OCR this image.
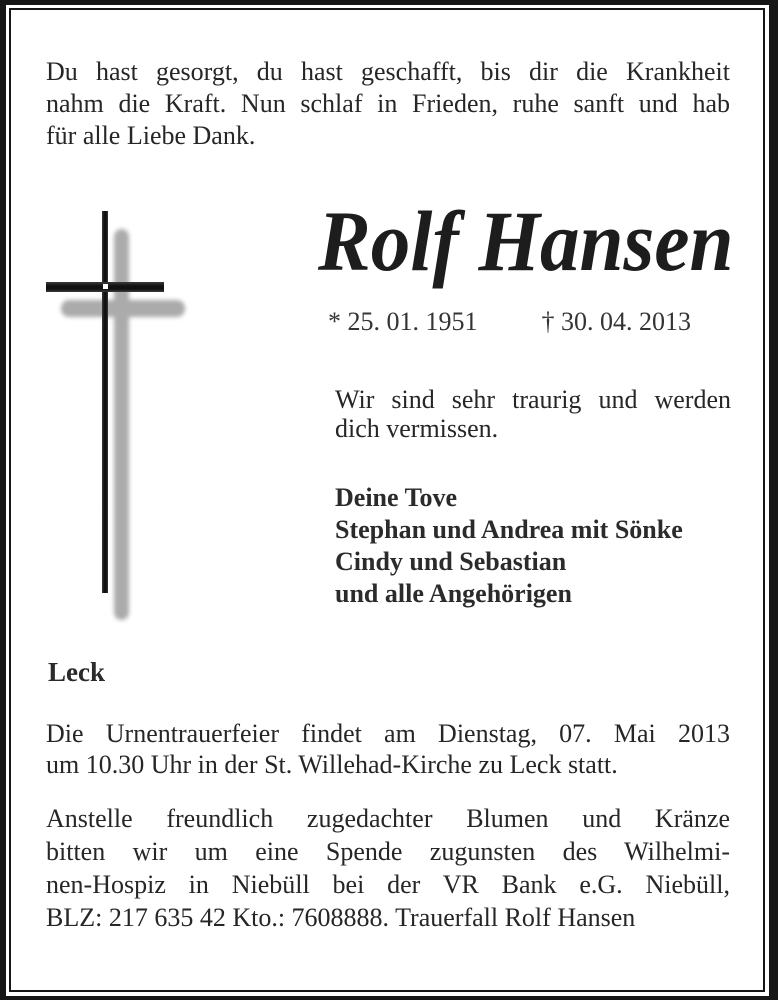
Du hast gesorgt, du hast geschafft, bis dir die Krankheit
nahm die Kraft. Nun schlaf in Frieden, ruhe sanft und hab
für alle Liebe Dank.
Rolf Hansen
* 25. 01. 1951 † 30. 04. 2013
Wir sind sehr traurig und werden
dich vermissen.
Deine Tove
Stephan und Andrea mit Sönke
Cindy und Sebastian
und alle Angehörigen
Leck
Die Urnentrauerfeier findet am Dienstag, 07. Mai 2013
um 10.30 Uhr in der St. Willehad-Kirche zu Leck statt.
Anstelle freundlich zugedachter Blumen und Kränze
bitten wir um eine Spende zugunsten des Wilhelmi-
nen-Hospiz in Niebüll bei der VR Bank e.G. Niebüll,
BLZ: 217 635 42 Kto.: 7608888. Trauerfall Rolf Hansen
